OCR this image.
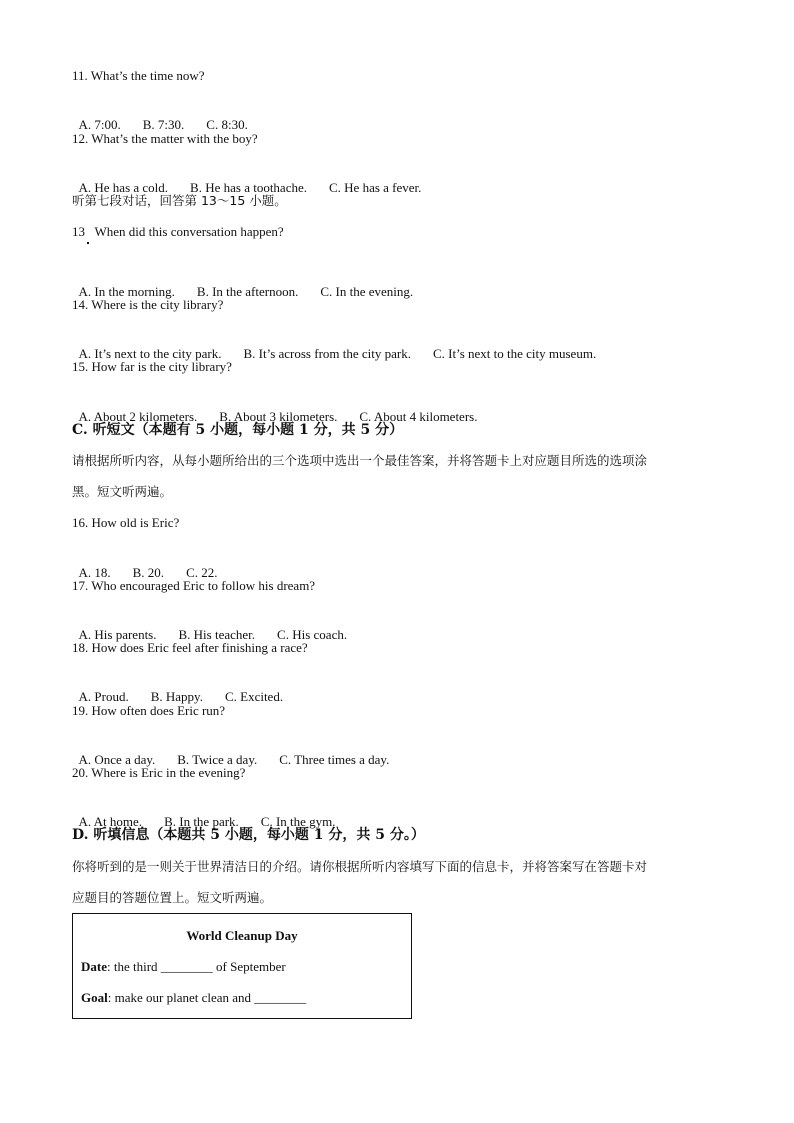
11. What’s the time now?

A. 7:00. B. 7:30. C. 8:30.

12. What’s the matter with the boy?

A. He has a cold. B. He has a toothache. C. He has a fever.

听第七段对话，回答第 13～15 小题。
13   When did this conversation happen?

A. In the morning. B. In the afternoon. C. In the evening.

14. Where is the city library?

A. It’s next to the city park. B. It’s across from the city park. C. It’s next to the city museum.

15. How far is the city library?

A. About 2 kilometers. B. About 3 kilometers. C. About 4 kilometers.

C. 听短文（本题有 5 小题，每小题 1 分，共 5 分）
请根据所听内容，从每小题所给出的三个选项中选出一个最佳答案，并将答题卡上对应题目所选的选项涂
黑。短文听两遍。
16. How old is Eric?

A. 18. B. 20. C. 22.

17. Who encouraged Eric to follow his dream?

A. His parents. B. His teacher. C. His coach.

18. How does Eric feel after finishing a race?

A. Proud. B. Happy. C. Excited.

19. How often does Eric run?

A. Once a day. B. Twice a day. C. Three times a day.

20. Where is Eric in the evening?

A. At home. B. In the park. C. In the gym.

D. 听填信息（本题共 5 小题，每小题 1 分，共 5 分。）
你将听到的是一则关于世界清洁日的介绍。请你根据所听内容填写下面的信息卡，并将答案写在答题卡对
应题目的答题位置上。短文听两遍。
World Cleanup Day
Date: the third ________ of September
Goal: make our planet clean and ________
